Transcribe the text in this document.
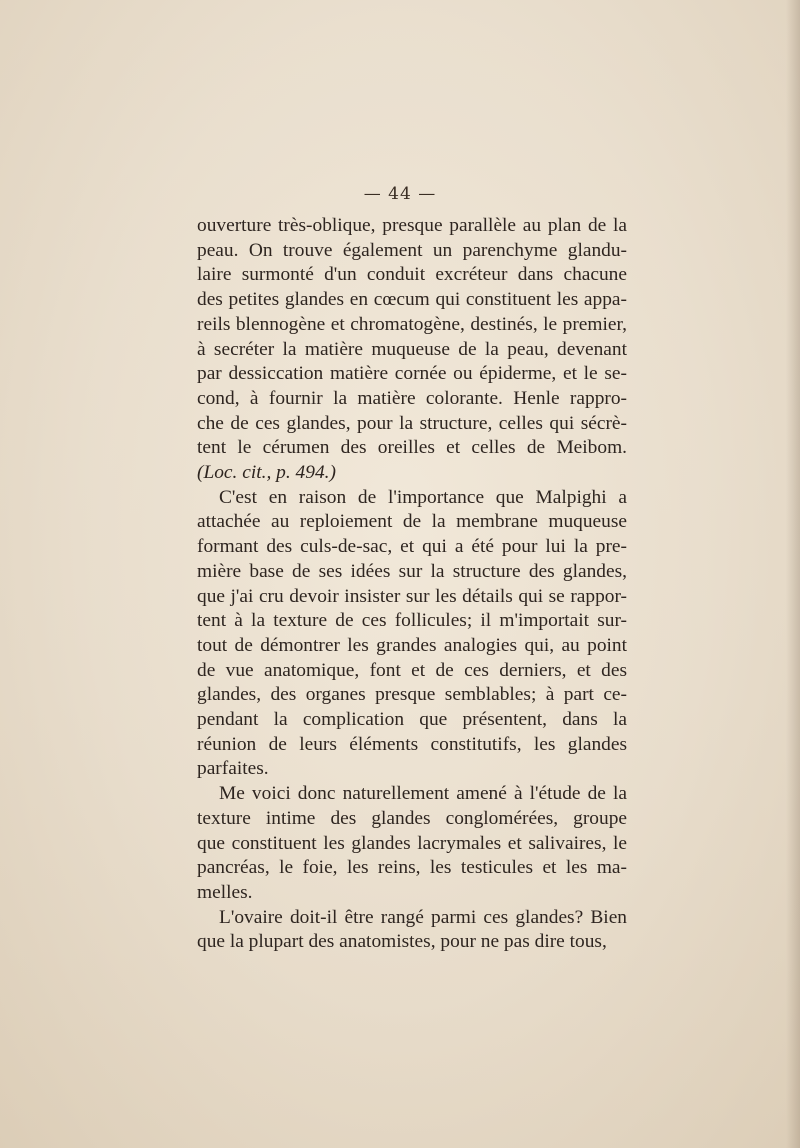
— 44 —
ouverture très-oblique, presque parallèle au plan de la
peau. On trouve également un parenchyme glandu-
laire surmonté d'un conduit excréteur dans chacune
des petites glandes en cœcum qui constituent les appa-
reils blennogène et chromatogène, destinés, le premier,
à secréter la matière muqueuse de la peau, devenant
par dessiccation matière cornée ou épiderme, et le se-
cond, à fournir la matière colorante. Henle rappro-
che de ces glandes, pour la structure, celles qui sécrè-
tent le cérumen des oreilles et celles de Meibom.
(Loc. cit., p. 494.)
C'est en raison de l'importance que Malpighi a
attachée au reploiement de la membrane muqueuse
formant des culs-de-sac, et qui a été pour lui la pre-
mière base de ses idées sur la structure des glandes,
que j'ai cru devoir insister sur les détails qui se rappor-
tent à la texture de ces follicules; il m'importait sur-
tout de démontrer les grandes analogies qui, au point
de vue anatomique, font et de ces derniers, et des
glandes, des organes presque semblables; à part ce-
pendant la complication que présentent, dans la
réunion de leurs éléments constitutifs, les glandes
parfaites.
Me voici donc naturellement amené à l'étude de la
texture intime des glandes conglomérées, groupe
que constituent les glandes lacrymales et salivaires, le
pancréas, le foie, les reins, les testicules et les ma-
melles.
L'ovaire doit-il être rangé parmi ces glandes? Bien
que la plupart des anatomistes, pour ne pas dire tous,
